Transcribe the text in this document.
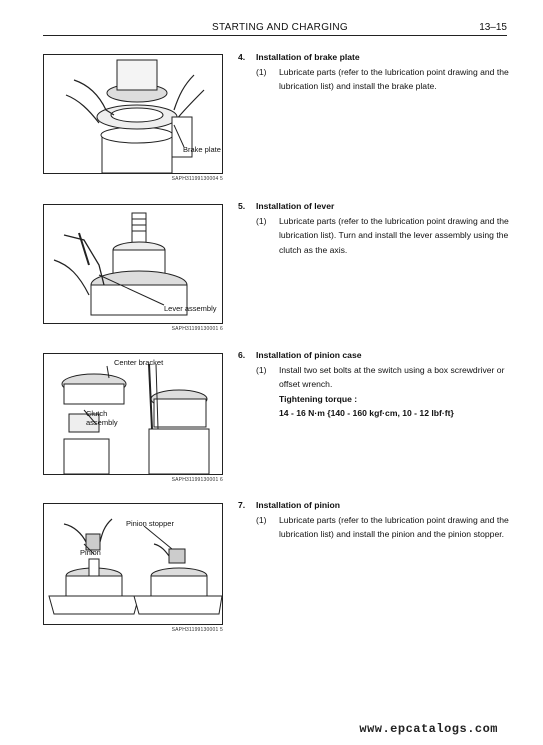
STARTING AND CHARGING	13–15
Brake plate
SAPH31199130004 5
Lever assembly
SAPH31199130001 6
Center bracket
Clutch
assembly
SAPH31199130001 6
Pinion stopper
Pinion
SAPH31199130001 5
4.	Installation of brake plate
(1)	Lubricate parts (refer to the lubrication point drawing and the lubrication list) and install the brake plate.
5.	Installation of lever
(1)	Lubricate parts (refer to the lubrication point drawing and the lubrication list). Turn and install the lever assembly using the clutch as the axis.
6.	Installation of pinion case
(1)	Install two set bolts at the switch using a box screwdriver or offset wrench.
Tightening torque :
14 - 16 N·m {140 - 160 kgf·cm, 10 - 12 lbf·ft}
7.	Installation of pinion
(1)	Lubricate parts (refer to the lubrication point drawing and the lubrication list) and install the pinion and the pinion stopper.
www.epcatalogs.com
